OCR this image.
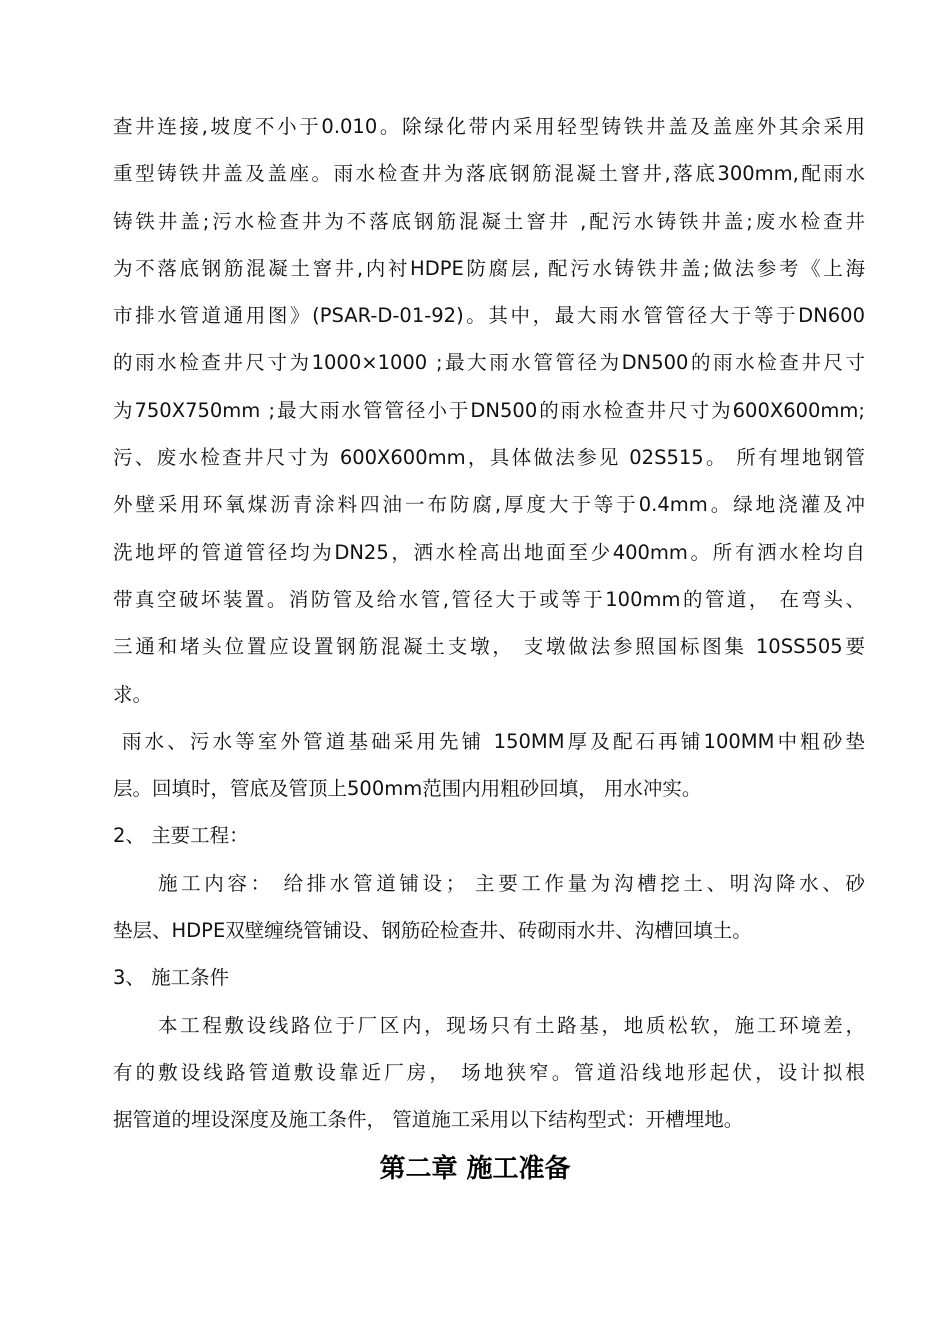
查井连接,坡度不小于0.010。除绿化带内采用轻型铸铁井盖及盖座外其余采用
重型铸铁井盖及盖座。雨水检查井为落底钢筋混凝土窨井,落底300mm,配雨水
铸铁井盖;污水检查井为不落底钢筋混凝土窨井 ,配污水铸铁井盖;废水检查井
为不落底钢筋混凝土窨井,内衬HDPE防腐层, 配污水铸铁井盖;做法参考《上海
市排水管道通用图》(PSAR-D-01-92)。其中，最大雨水管管径大于等于DN600
的雨水检查井尺寸为1000×1000 ;最大雨水管管径为DN500的雨水检查井尺寸
为750X750mm ;最大雨水管管径小于DN500的雨水检查井尺寸为600X600mm;
污、废水检查井尺寸为 600X600mm，具体做法参见 02S515。 所有埋地钢管
外壁采用环氧煤沥青涂料四油一布防腐,厚度大于等于0.4mm。绿地浇灌及冲
洗地坪的管道管径均为DN25，洒水栓高出地面至少400mm。所有洒水栓均自
带真空破坏装置。消防管及给水管,管径大于或等于100mm的管道， 在弯头、
三通和堵头位置应设置钢筋混凝土支墩， 支墩做法参照国标图集 10SS505要
求。
雨水、污水等室外管道基础采用先铺 150MM厚及配石再铺100MM中粗砂垫
层。回填时，管底及管顶上500mm范围内用粗砂回填， 用水冲实。
2、 主要工程：
施工内容： 给排水管道铺设； 主要工作量为沟槽挖土、明沟降水、砂
垫层、HDPE双壁缠绕管铺设、钢筋砼检查井、砖砌雨水井、沟槽回填土。
3、 施工条件
本工程敷设线路位于厂区内，现场只有土路基，地质松软，施工环境差，
有的敷设线路管道敷设靠近厂房， 场地狭窄。管道沿线地形起伏，设计拟根
据管道的埋设深度及施工条件， 管道施工采用以下结构型式：开槽埋地。
第二章 施工准备
